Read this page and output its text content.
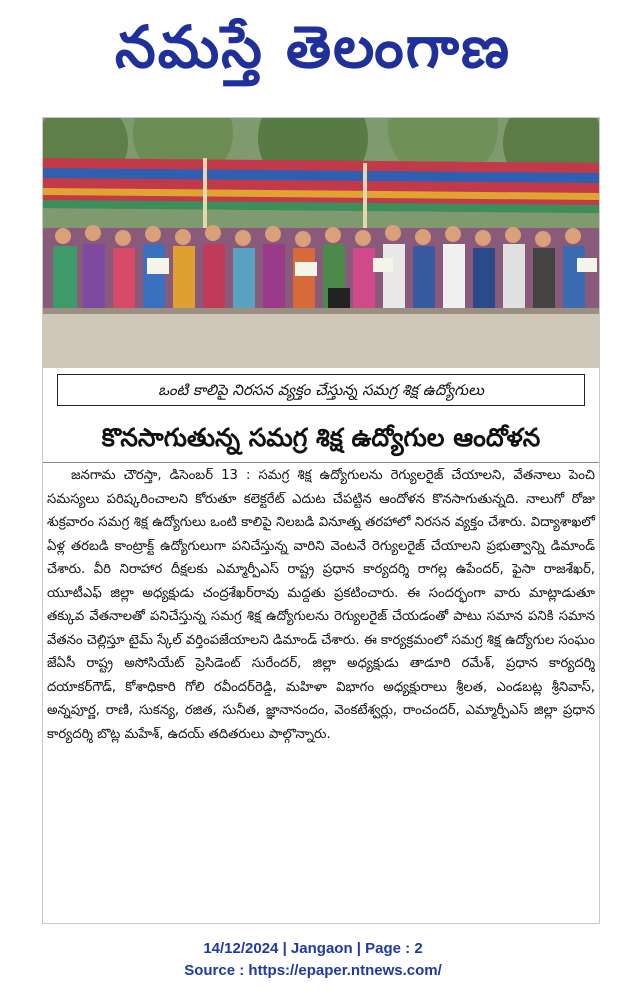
నమస్తే తెలంగాణ
ఒంటి కాలిపై నిరసన వ్యక్తం చేస్తున్న సమగ్ర శిక్ష ఉద్యోగులు
కొనసాగుతున్న సమగ్ర శిక్ష ఉద్యోగుల ఆందోళన

జనగామ చౌరస్తా, డిసెంబర్ 13 : సమగ్ర శిక్ష ఉద్యోగులను రెగ్యులరైజ్ చేయాలని, వేతనాలు పెంచి సమస్యలు పరిష్కరించాలని కోరుతూ కలెక్టరేట్ ఎదుట చేపట్టిన ఆందోళన కొనసాగుతున్నది. నాలుగో రోజు శుక్రవారం సమగ్ర శిక్ష ఉద్యోగులు ఒంటి కాలిపై నిలబడి వినూత్న తరహాలో నిరసన వ్యక్తం చేశారు. విద్యాశాఖలో ఏళ్ల తరబడి కాంట్రాక్ట్ ఉద్యోగులుగా పనిచేస్తున్న వారిని వెంటనే రెగ్యులరైజ్ చేయాలని ప్రభుత్వాన్ని డిమాండ్ చేశారు. వీరి నిరాహార దీక్షలకు ఎమ్మార్పీఎస్ రాష్ట్ర ప్రధాన కార్యదర్శి రాగల్ల ఉపేందర్, ఫైసా రాజశేఖర్, యూటీఎఫ్ జిల్లా అధ్యక్షుడు చంద్రశేఖర్‌రావు మద్దతు ప్రకటించారు. ఈ సందర్భంగా వారు మాట్లాడుతూ తక్కువ వేతనాలతో పనిచేస్తున్న సమగ్ర శిక్ష ఉద్యోగులను రెగ్యులరైజ్ చేయడంతో పాటు సమాన పనికి సమాన వేతనం చెల్లిస్తూ టైమ్ స్కేల్ వర్తింపజేయాలని డిమాండ్ చేశారు. ఈ కార్యక్రమంలో సమగ్ర శిక్ష ఉద్యోగుల సంఘం జేఏసీ రాష్ట్ర అసోసియేట్ ప్రెసిడెంట్ సురేందర్, జిల్లా అధ్యక్షుడు తాడూరి రమేశ్, ప్రధాన కార్యదర్శి దయాకర్‌గౌడ్, కోశాధికారి గోలి రవీందర్‌రెడ్డి, మహిళా విభాగం అధ్యక్షురాలు శ్రీలత, ఎండబట్ల శ్రీనివాస్, అన్నపూర్ణ, రాణి, సుకన్య, రజిత, సునీత, జ్ఞానానందం, వెంకటేశ్వర్లు, రాంచందర్, ఎమ్మార్పీఎస్ జిల్లా ప్రధాన కార్యదర్శి బొట్ల మహేశ్, ఉదయ్ తదితరులు పాల్గొన్నారు.

14/12/2024 | Jangaon | Page : 2
Source : https://epaper.ntnews.com/
